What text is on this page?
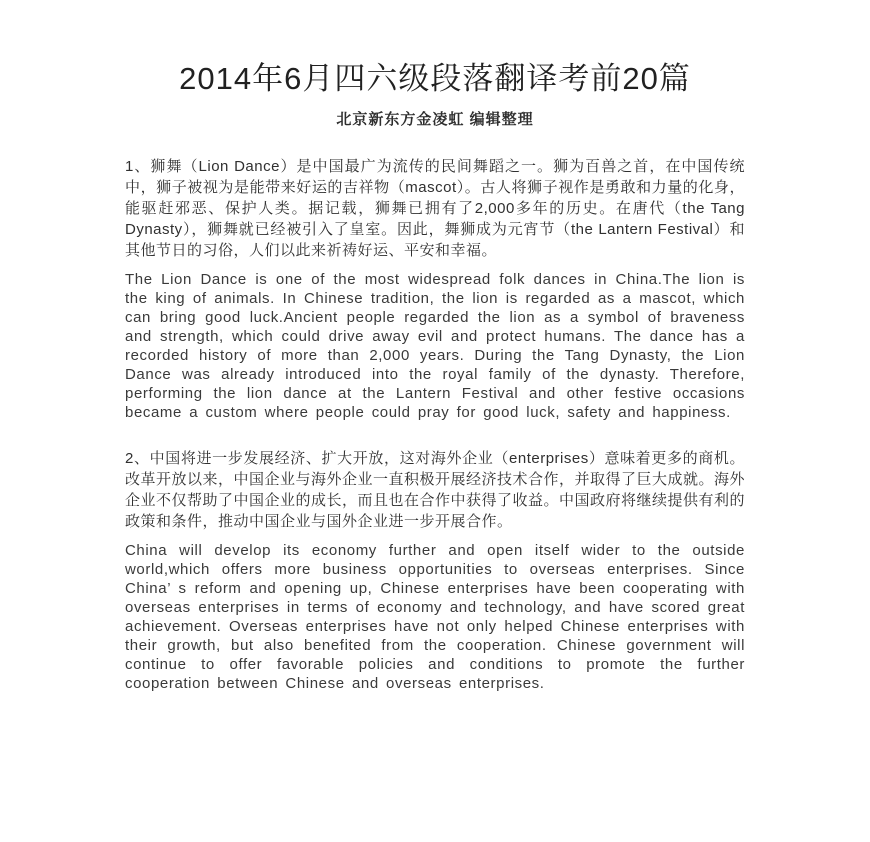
2014年6月四六级段落翻译考前20篇
北京新东方金凌虹 编辑整理

1、狮舞（Lion Dance）是中国最广为流传的民间舞蹈之一。狮为百兽之首，在中国传统中，狮子被视为是能带来好运的吉祥物（mascot）。古人将狮子视作是勇敢和力量的化身，能驱赶邪恶、保护人类。据记载，狮舞已拥有了2,000多年的历史。在唐代（the Tang Dynasty），狮舞就已经被引入了皇室。因此，舞狮成为元宵节（the Lantern Festival）和其他节日的习俗，人们以此来祈祷好运、平安和幸福。

The Lion Dance is one of the most widespread folk dances in China.The lion is the king of animals. In Chinese tradition, the lion is regarded as a mascot, which can bring good luck.Ancient people regarded the lion as a symbol of braveness and strength, which could drive away evil and protect humans. The dance has a recorded history of more than 2,000 years. During the Tang Dynasty, the Lion Dance was already introduced into the royal family of the dynasty. Therefore, performing the lion dance at the Lantern Festival and other festive occasions became a custom where people could pray for good luck, safety and happiness.

2、中国将进一步发展经济、扩大开放，这对海外企业（enterprises）意味着更多的商机。改革开放以来，中国企业与海外企业一直积极开展经济技术合作，并取得了巨大成就。海外企业不仅帮助了中国企业的成长，而且也在合作中获得了收益。中国政府将继续提供有利的政策和条件，推动中国企业与国外企业进一步开展合作。

China will develop its economy further and open itself wider to the outside world,which offers more business opportunities to overseas enterprises. Since China’ s reform and opening up, Chinese enterprises have been cooperating with overseas enterprises in terms of economy and technology, and have scored great achievement. Overseas enterprises have not only helped Chinese enterprises with their growth, but also benefited from the cooperation. Chinese government will continue to offer favorable policies and conditions to promote the further cooperation between Chinese and overseas enterprises.
